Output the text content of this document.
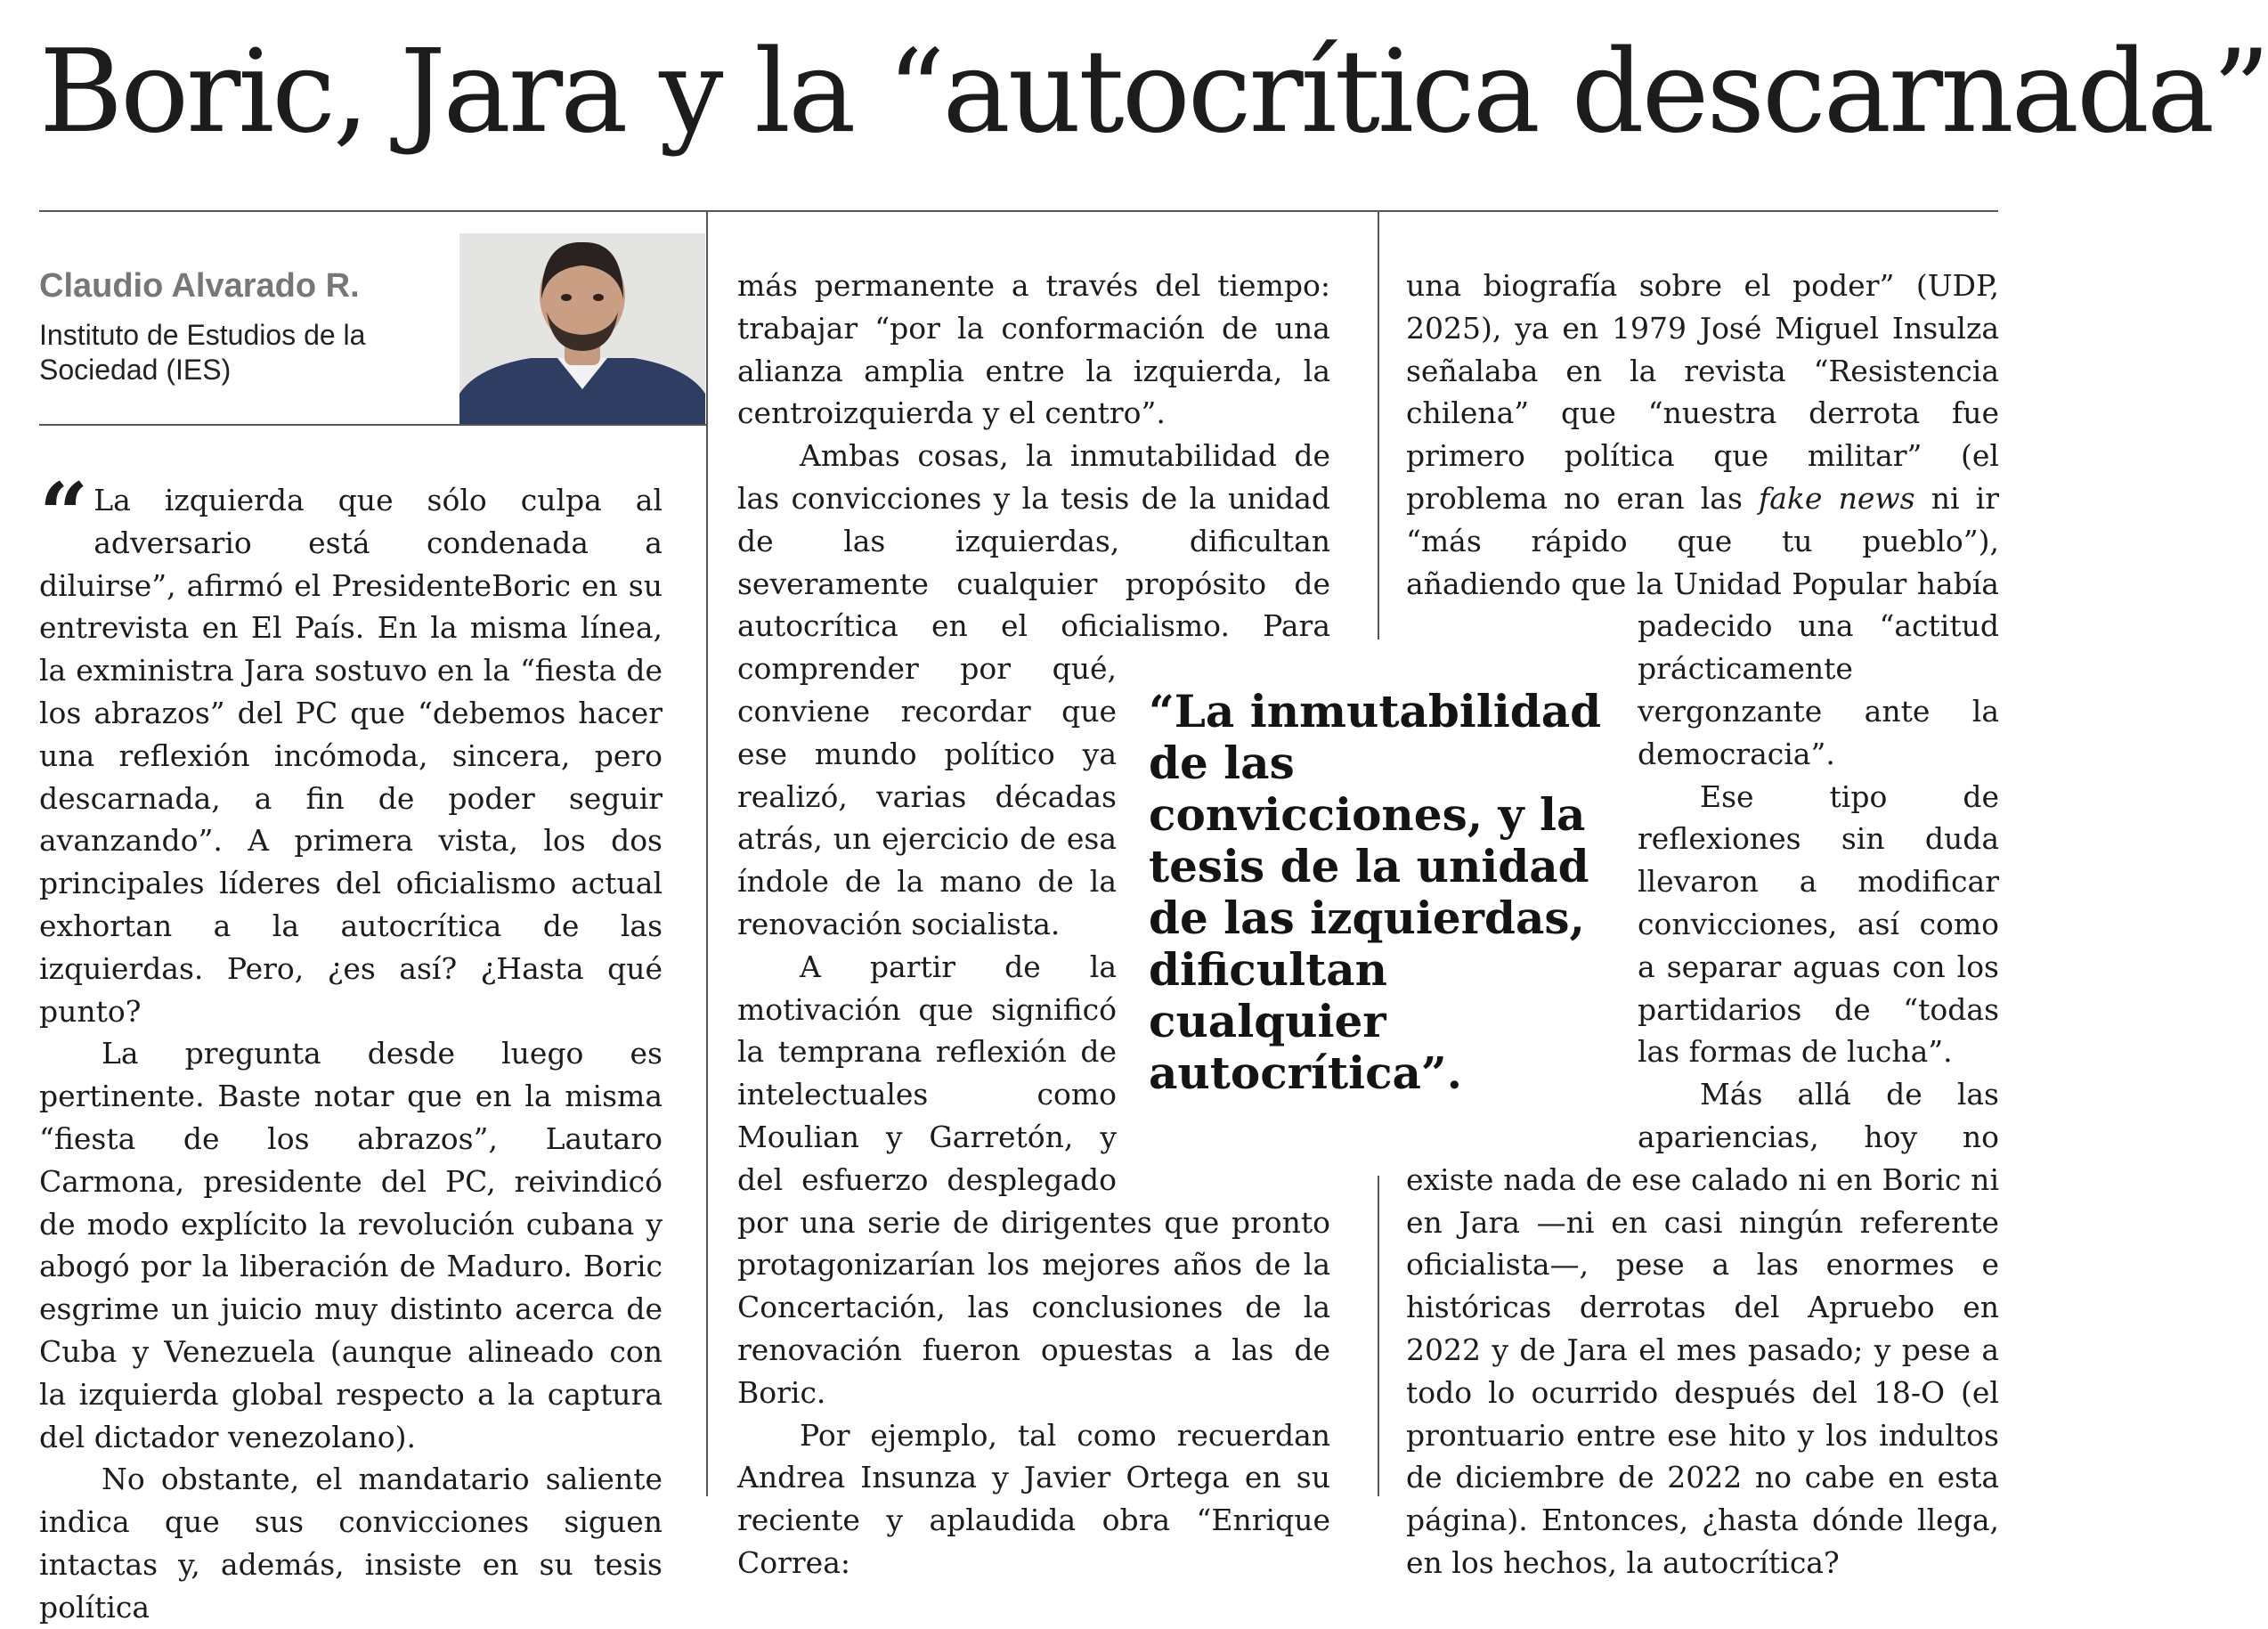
Boric, Jara y la “autocrítica descarnada”
Claudio Alvarado R.
Instituto de Estudios de la Sociedad (IES)

“ La izquierda que sólo culpa al adversario está condenada a diluirse”, afirmó el PresidenteBoric en su entrevista en El País. En la misma línea, la exministra Jara sostuvo en la “fiesta de los abrazos” del PC que “debemos hacer una reflexión incómoda, sincera, pero descarnada, a fin de poder seguir avanzando”. A primera vista, los dos principales líderes del oficialismo actual exhortan a la autocrítica de las izquierdas. Pero, ¿es así? ¿Hasta qué punto?

La pregunta desde luego es pertinente. Baste notar que en la misma “fiesta de los abrazos”, Lautaro Carmona, presidente del PC, reivindicó de modo explícito la revolución cubana y abogó por la liberación de Maduro. Boric esgrime un juicio muy distinto acerca de Cuba y Venezuela (aunque alineado con la izquierda global respecto a la captura del dictador venezolano).

No obstante, el mandatario saliente indica que sus convicciones siguen intactas y, además, insiste en su tesis política

más permanente a través del tiempo: trabajar “por la conformación de una alianza amplia entre la izquierda, la centroizquierda y el centro”.

Ambas cosas, la inmutabilidad de las convicciones y la tesis de la unidad de las izquierdas, dificultan severamente cualquier propósito de autocrítica en el oficialismo. Para comprender por qué, conviene recordar que ese mundo político ya realizó, varias décadas atrás, un ejercicio de esa índole de la mano de la renovación socialista.

A partir de la motivación que significó la temprana reflexión de intelectuales como Moulian y Garretón, y del esfuerzo desplegado por una serie de dirigentes que pronto protagonizarían los mejores años de la Concertación, las conclusiones de la renovación fueron opuestas a las de Boric.

Por ejemplo, tal como recuerdan Andrea Insunza y Javier Ortega en su reciente y aplaudida obra “Enrique Correa:

una biografía sobre el poder” (UDP, 2025), ya en 1979 José Miguel Insulza señalaba en la revista “Resistencia chilena” que “nuestra derrota fue primero política que militar” (el problema no eran las fake news ni ir “más rápido que tu pueblo”), añadiendo que la Unidad Popular había padecido una “actitud prácticamente vergonzante ante la democracia”.

Ese tipo de reflexiones sin duda llevaron a modificar convicciones, así como a separar aguas con los partidarios de “todas las formas de lucha”.

Más allá de las apariencias, hoy no existe nada de ese calado ni en Boric ni en Jara —ni en casi ningún referente oficialista—, pese a las enormes e históricas derrotas del Apruebo en 2022 y de Jara el mes pasado; y pese a todo lo ocurrido después del 18-O (el prontuario entre ese hito y los indultos de diciembre de 2022 no cabe en esta página). Entonces, ¿hasta dónde llega, en los hechos, la autocrítica?

“La inmutabilidad de las convicciones, y la tesis de la unidad de las izquierdas, dificultan cualquier autocrítica”.
